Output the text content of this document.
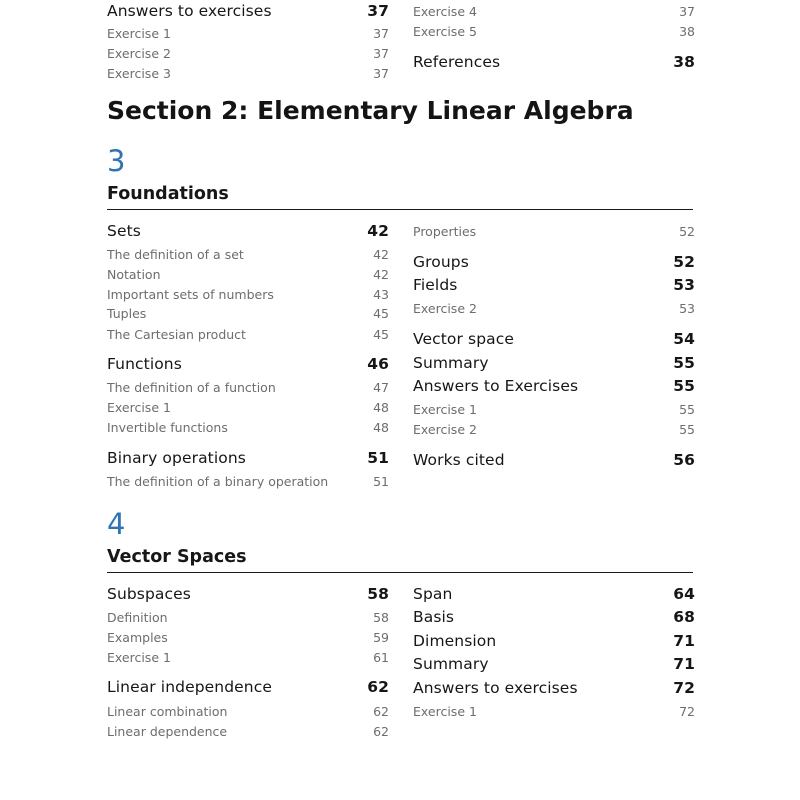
Answers to exercises	37
Exercise 1	37
Exercise 2	37
Exercise 3	37
Exercise 4	37
Exercise 5	38
References	38
Section 2: Elementary Linear Algebra
3
Foundations
Sets	42
The definition of a set	42
Notation	42
Important sets of numbers	43
Tuples	45
The Cartesian product	45
Functions	46
The definition of a function	47
Exercise 1	48
Invertible functions	48
Binary operations	51
The definition of a binary operation	51
Properties	52
Groups	52
Fields	53
Exercise 2	53
Vector space	54
Summary	55
Answers to Exercises	55
Exercise 1	55
Exercise 2	55
Works cited	56
4
Vector Spaces
Subspaces	58
Definition	58
Examples	59
Exercise 1	61
Linear independence	62
Linear combination	62
Linear dependence	62
Span	64
Basis	68
Dimension	71
Summary	71
Answers to exercises	72
Exercise 1	72
